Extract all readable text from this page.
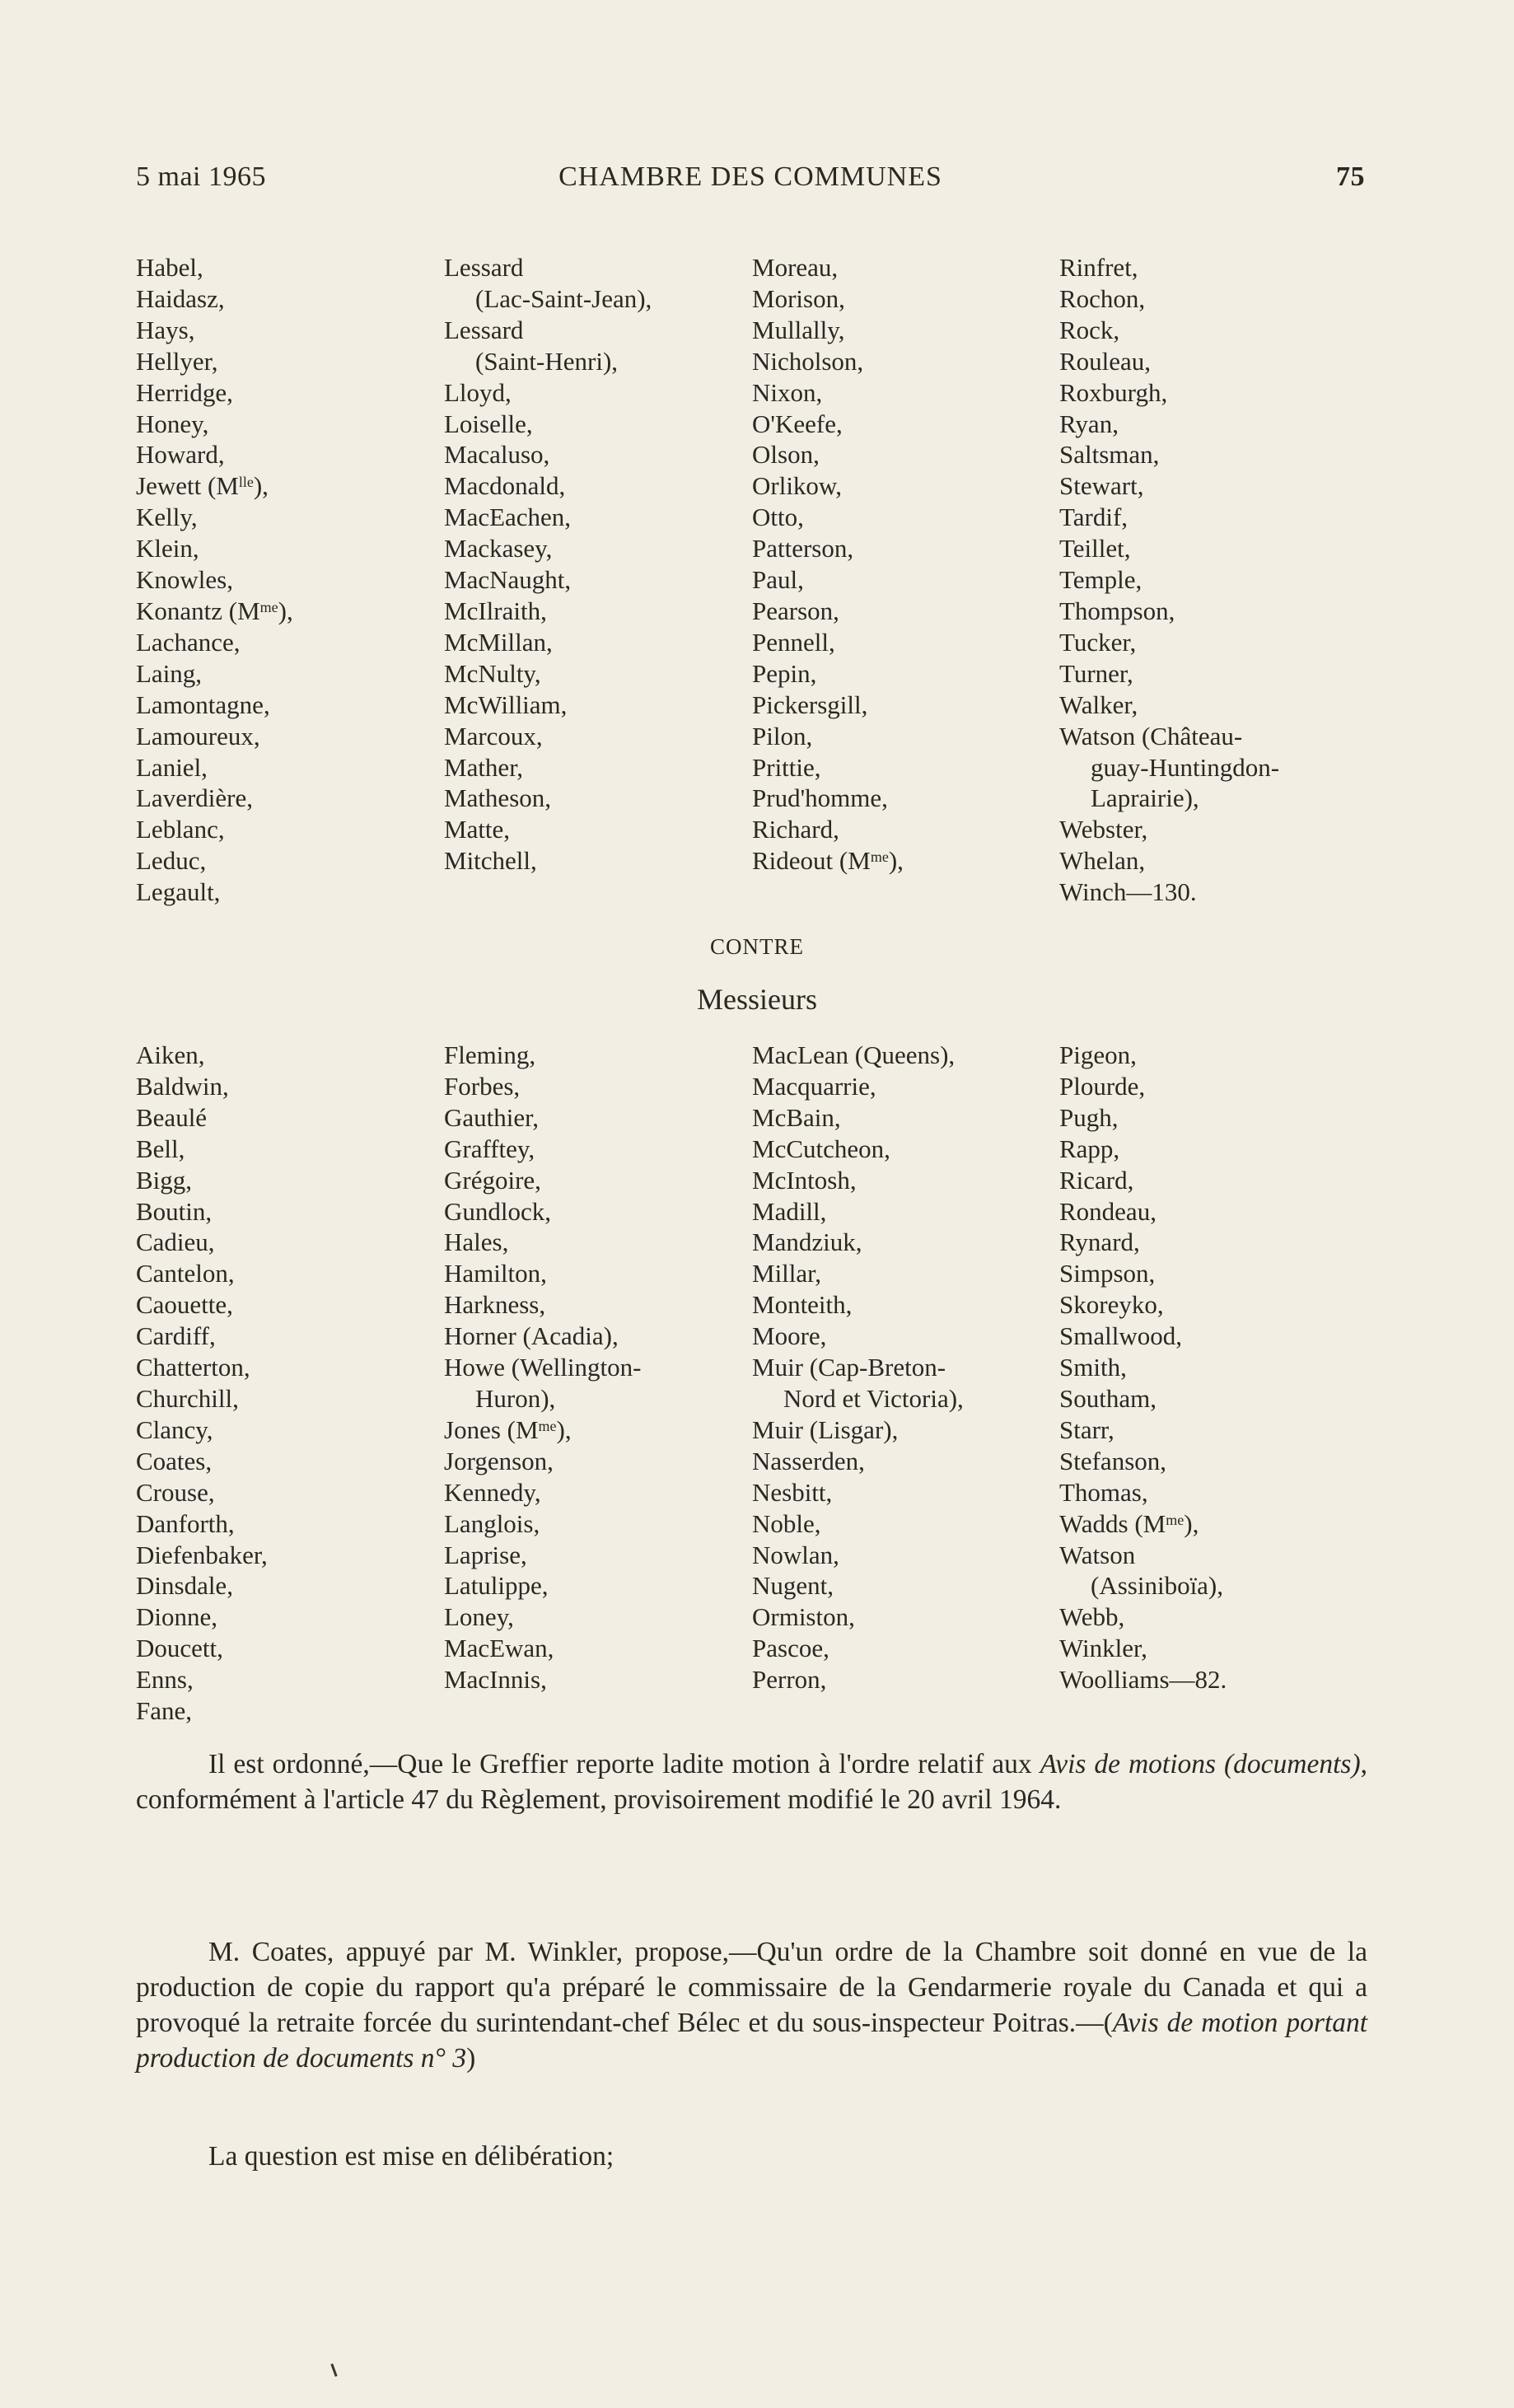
5 mai 1965	CHAMBRE DES COMMUNES	75
Habel,
Haidasz,
Hays,
Hellyer,
Herridge,
Honey,
Howard,
Jewett $(M^{lle})$,
Kelly,
Klein,
Knowles,
Konantz $(M^{me})$,
Lachance,
Laing,
Lamontagne,
Lamoureux,
Laniel,
Laverdière,
Leblanc,
Leduc,
Legault,
Lessard
(Lac-Saint-Jean),
Lessard
(Saint-Henri),
Lloyd,
Loiselle,
Macaluso,
Macdonald,
MacEachen,
Mackasey,
MacNaught,
McIlraith,
McMillan,
McNulty,
McWilliam,
Marcoux,
Mather,
Matheson,
Matte,
Mitchell,
Moreau,
Morison,
Mullally,
Nicholson,
Nixon,
O'Keefe,
Olson,
Orlikow,
Otto,
Patterson,
Paul,
Pearson,
Pennell,
Pepin,
Pickersgill,
Pilon,
Prittie,
Prud'homme,
Richard,
Rideout $(M^{me})$,
Rinfret,
Rochon,
Rock,
Rouleau,
Roxburgh,
Ryan,
Saltsman,
Stewart,
Tardif,
Teillet,
Temple,
Thompson,
Tucker,
Turner,
Walker,
Watson (Château-
guay-Huntingdon-
Laprairie),
Webster,
Whelan,
Winch—130.
CONTRE
Messieurs
Aiken,
Baldwin,
Beaulé
Bell,
Bigg,
Boutin,
Cadieu,
Cantelon,
Caouette,
Cardiff,
Chatterton,
Churchill,
Clancy,
Coates,
Crouse,
Danforth,
Diefenbaker,
Dinsdale,
Dionne,
Doucett,
Enns,
Fane,
Fleming,
Forbes,
Gauthier,
Grafftey,
Grégoire,
Gundlock,
Hales,
Hamilton,
Harkness,
Horner (Acadia),
Howe (Wellington-
Huron),
Jones $(M^{me})$,
Jorgenson,
Kennedy,
Langlois,
Laprise,
Latulippe,
Loney,
MacEwan,
MacInnis,
MacLean (Queens),
Macquarrie,
McBain,
McCutcheon,
McIntosh,
Madill,
Mandziuk,
Millar,
Monteith,
Moore,
Muir (Cap-Breton-
Nord et Victoria),
Muir (Lisgar),
Nasserden,
Nesbitt,
Noble,
Nowlan,
Nugent,
Ormiston,
Pascoe,
Perron,
Pigeon,
Plourde,
Pugh,
Rapp,
Ricard,
Rondeau,
Rynard,
Simpson,
Skoreyko,
Smallwood,
Smith,
Southam,
Starr,
Stefanson,
Thomas,
Wadds $(M^{me})$,
Watson
(Assiniboïa),
Webb,
Winkler,
Woolliams—82.

Il est ordonné,—Que le Greffier reporte ladite motion à l'ordre relatif aux Avis de motions (documents), conformément à l'article 47 du Règlement, provisoirement modifié le 20 avril 1964.

M. Coates, appuyé par M. Winkler, propose,—Qu'un ordre de la Chambre soit donné en vue de la production de copie du rapport qu'a préparé le commissaire de la Gendarmerie royale du Canada et qui a provoqué la retraite forcée du surintendant-chef Bélec et du sous-inspecteur Poitras.—(Avis de motion portant production de documents n° 3)

La question est mise en délibération;
